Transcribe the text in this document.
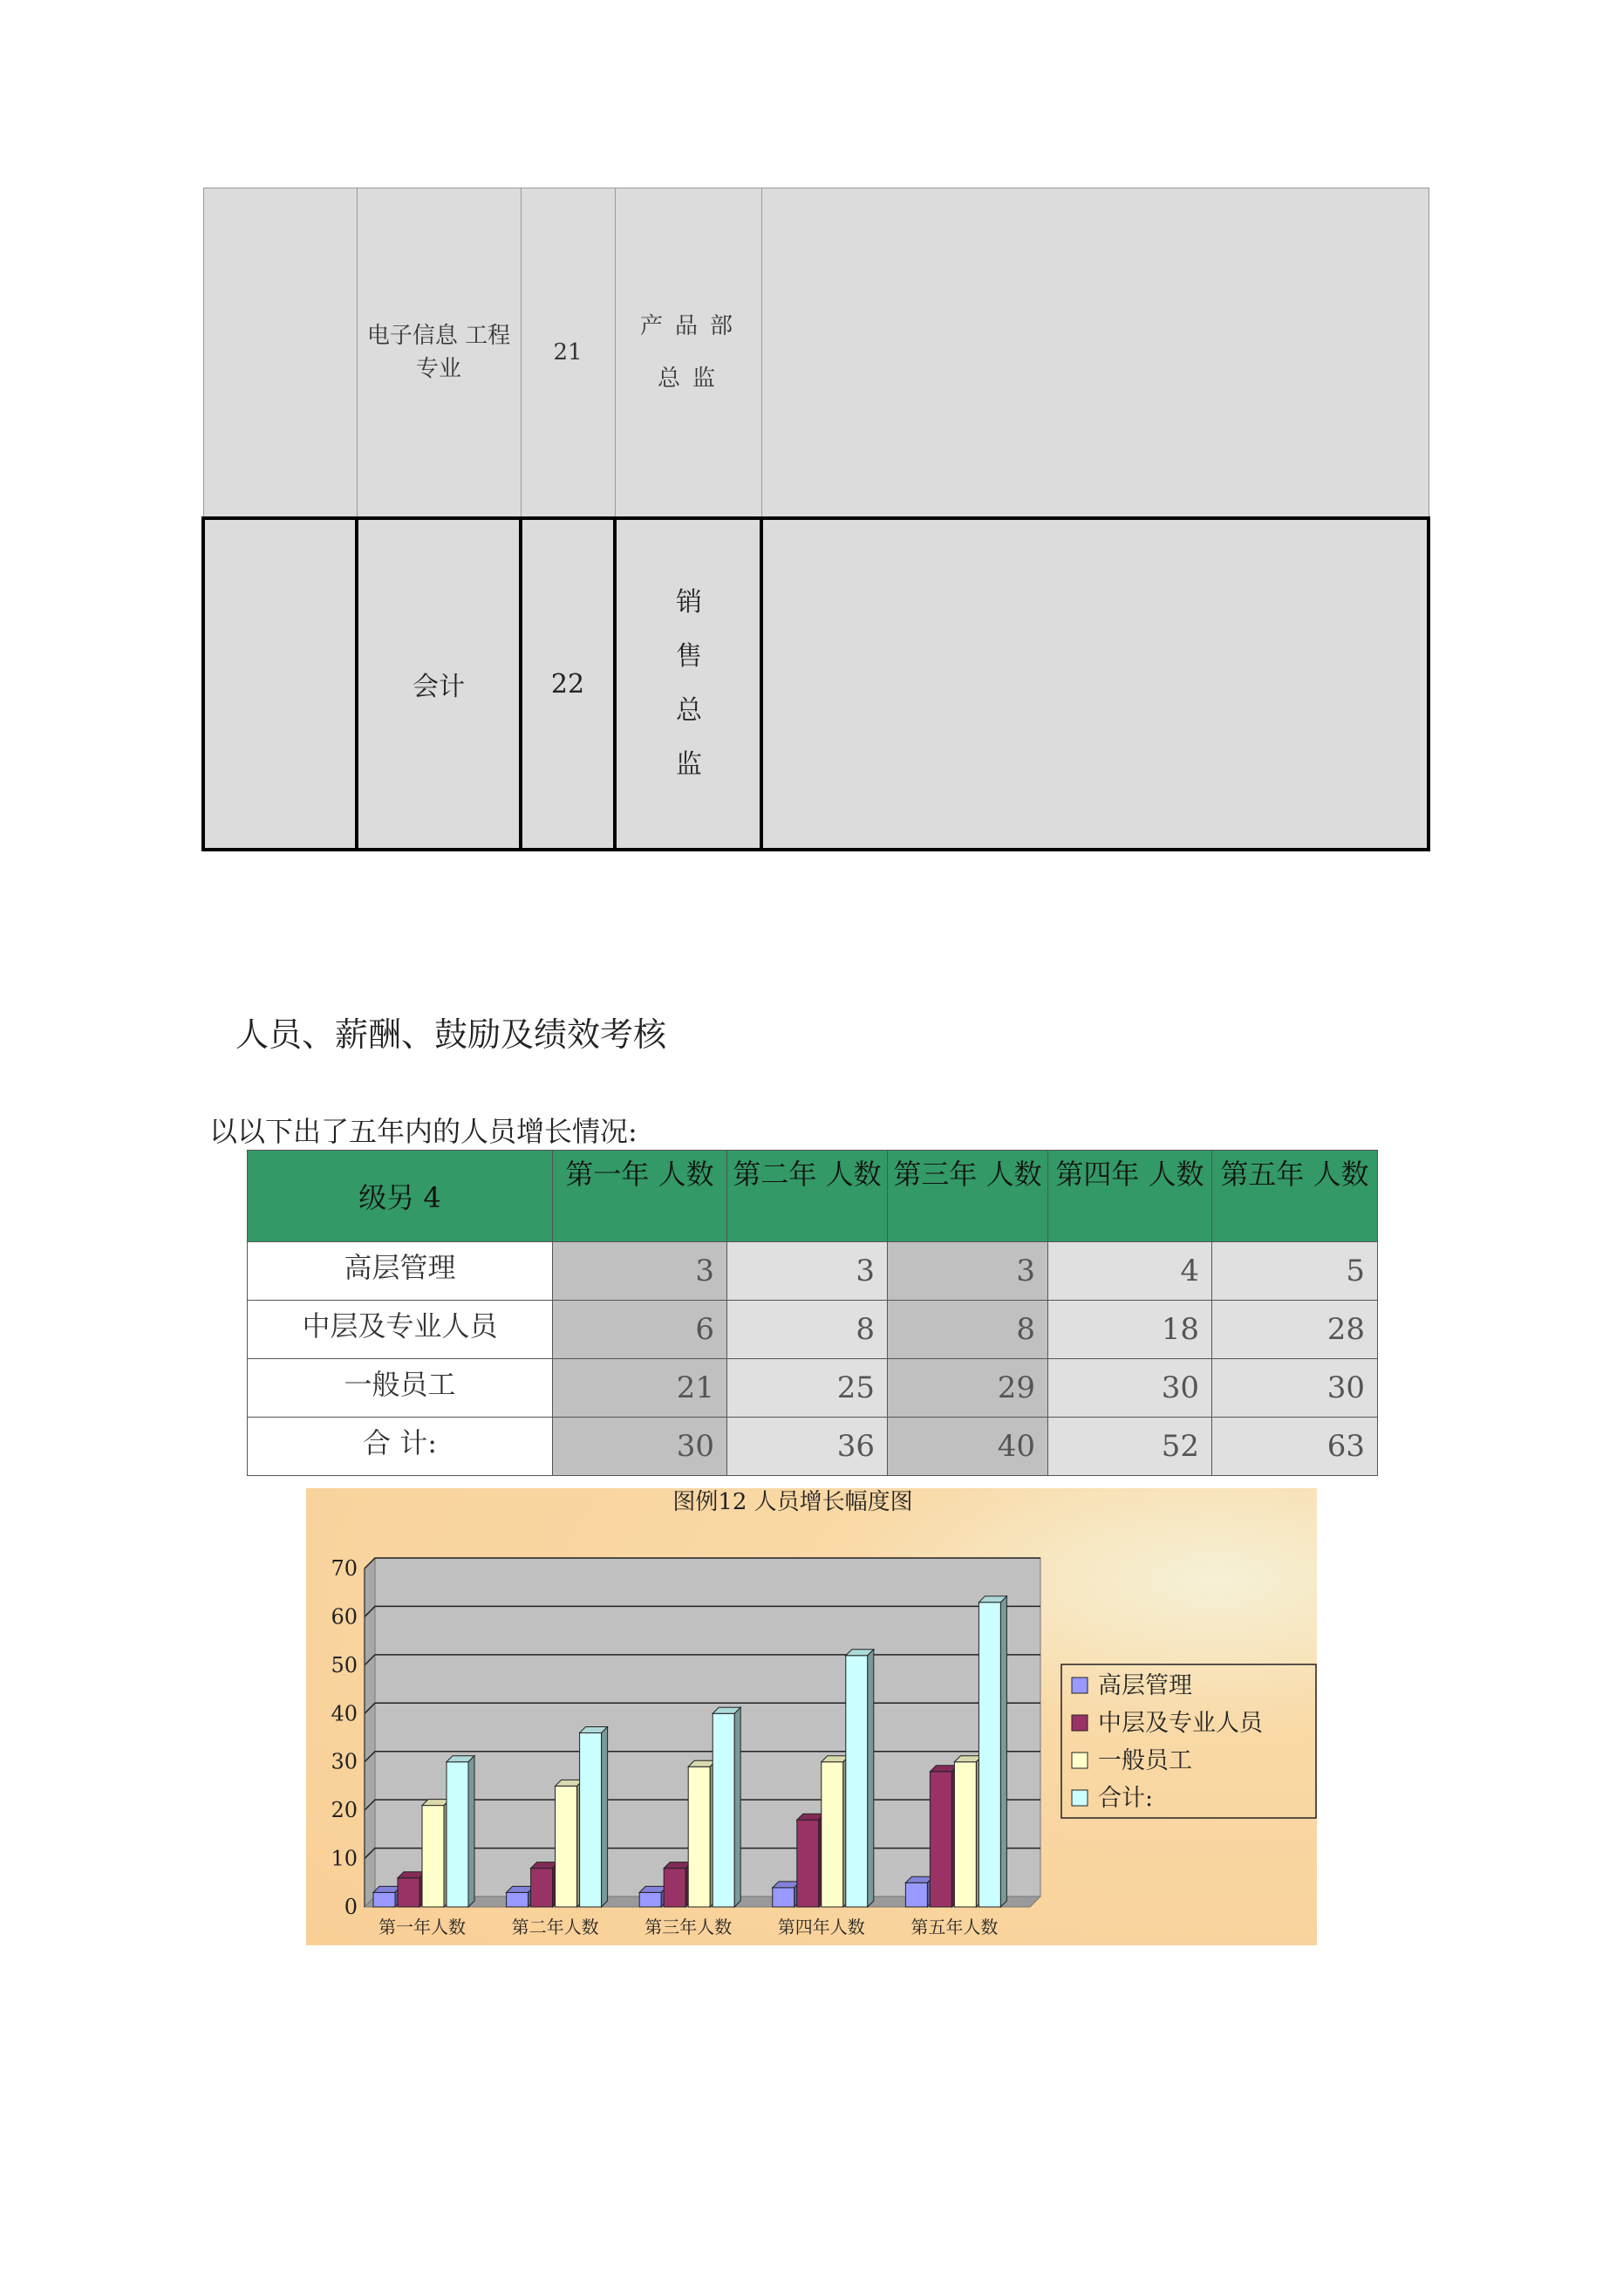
	电子信息 工程专业	21	产品部总监	
	会计	22	销售总监	
人员、薪酬、鼓励及绩效考核
以以下出了五年内的人员增长情况:
级另 4	第一年 人数	第二年 人数	第三年 人数	第四年 人数	第五年 人数
高层管理	3	3	3	4	5
中层及专业人员	6	8	8	18	28
一般员工	21	25	29	30	30
合 计:	30	36	40	52	63
图例12 人员增长幅度图
0
10
20
30
40
50
60
70
第一年人数	第二年人数	第三年人数	第四年人数	第五年人数
高层管理
中层及专业人员
一般员工
合计:
